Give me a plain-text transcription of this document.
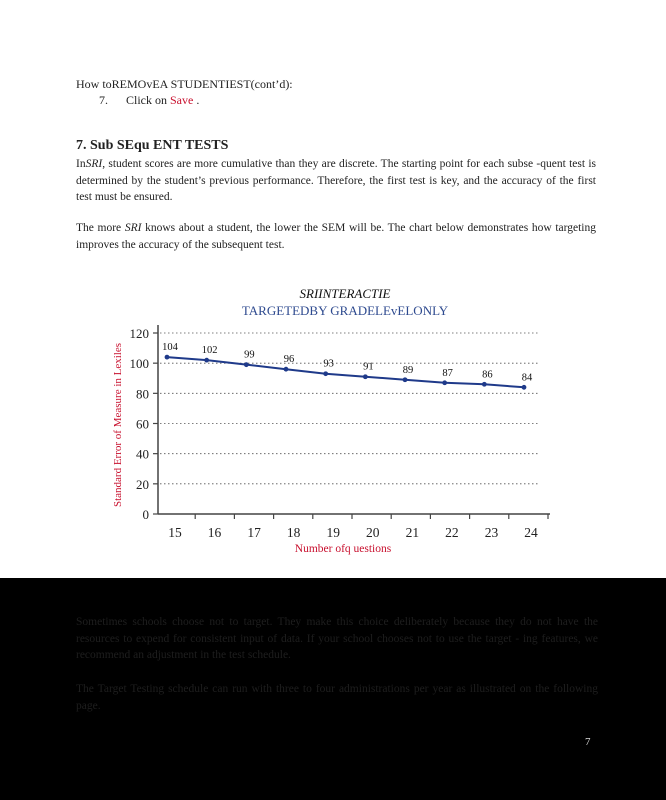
How toREMOvEA STUDENTIEST(cont’d):
7. Click on Save .
7. Sub SEqu ENT TESTS

InSRI, student scores are more cumulative than they are discrete. The starting point for each subse -quent test is determined by the student’s previous performance. Therefore, the first test is key, and the accuracy of the first test must be ensured.

The more SRI knows about a student, the lower the SEM will be. The chart below demonstrates how targeting improves the accuracy of the subsequent test.

SRIINTERACTIE
TARGETEDBY GRADELEvELONLY
0
20
40
60
80
100
120
15 16 17 18 19 20 21 22 23 24
104 102	99	96	93	91	89	87	86	84
Standard Error of Measure in Lexiles
Number ofq uestions

Sometimes schools choose not to target. They make this choice deliberately because they do not have the resources to expend for consistent input of data. If your school chooses not to use the target - ing features, we recommend an adjustment in the test schedule.

The Target Testing schedule can run with three to four administrations per year as illustrated on the following page.

7
